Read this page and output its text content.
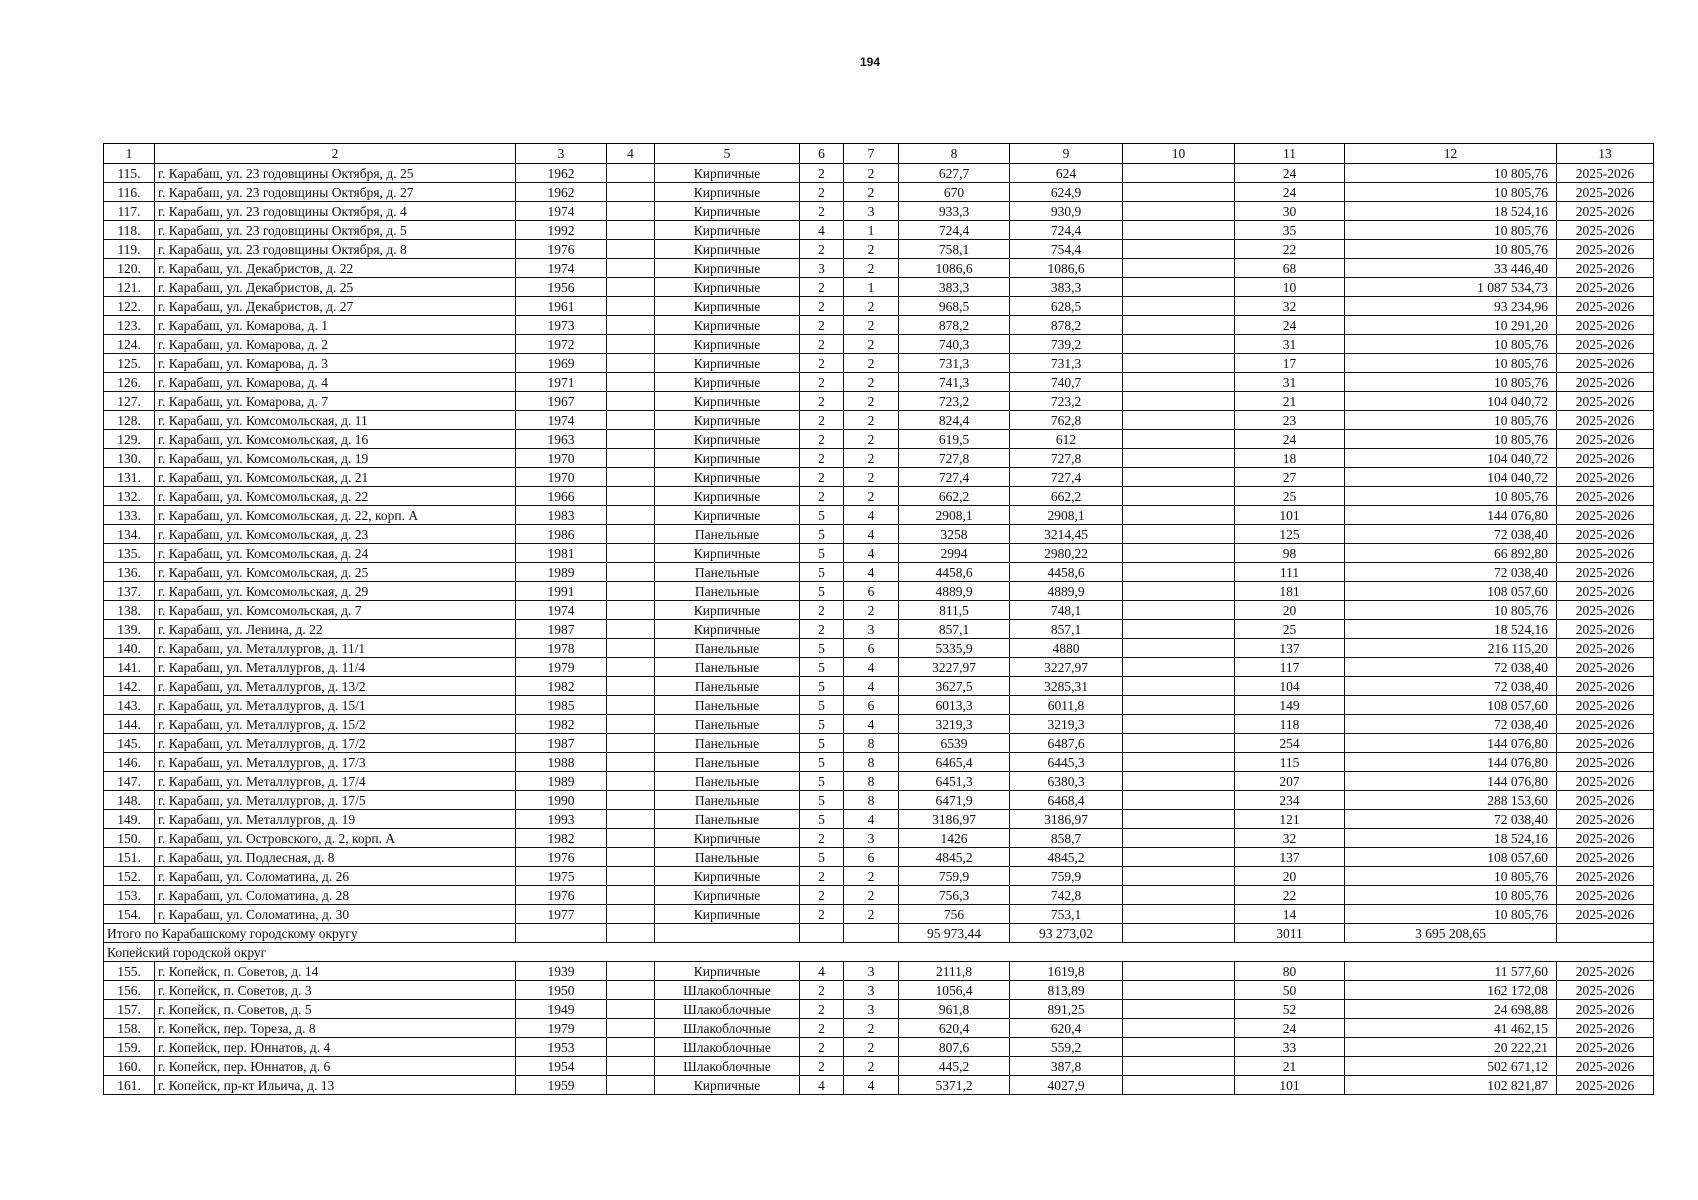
194
1	2	3	4	5	6	7	8	9	10	11	12	13
115.	г. Карабаш, ул. 23 годовщины Октября, д. 25	1962		Кирпичные	2	2	627,7	624		24	10 805,76	2025-2026
116.	г. Карабаш, ул. 23 годовщины Октября, д. 27	1962		Кирпичные	2	2	670	624,9		24	10 805,76	2025-2026
117.	г. Карабаш, ул. 23 годовщины Октября, д. 4	1974		Кирпичные	2	3	933,3	930,9		30	18 524,16	2025-2026
118.	г. Карабаш, ул. 23 годовщины Октября, д. 5	1992		Кирпичные	4	1	724,4	724,4		35	10 805,76	2025-2026
119.	г. Карабаш, ул. 23 годовщины Октября, д. 8	1976		Кирпичные	2	2	758,1	754,4		22	10 805,76	2025-2026
120.	г. Карабаш, ул. Декабристов, д. 22	1974		Кирпичные	3	2	1086,6	1086,6		68	33 446,40	2025-2026
121.	г. Карабаш, ул. Декабристов, д. 25	1956		Кирпичные	2	1	383,3	383,3		10	1 087 534,73	2025-2026
122.	г. Карабаш, ул. Декабристов, д. 27	1961		Кирпичные	2	2	968,5	628,5		32	93 234,96	2025-2026
123.	г. Карабаш, ул. Комарова, д. 1	1973		Кирпичные	2	2	878,2	878,2		24	10 291,20	2025-2026
124.	г. Карабаш, ул. Комарова, д. 2	1972		Кирпичные	2	2	740,3	739,2		31	10 805,76	2025-2026
125.	г. Карабаш, ул. Комарова, д. 3	1969		Кирпичные	2	2	731,3	731,3		17	10 805,76	2025-2026
126.	г. Карабаш, ул. Комарова, д. 4	1971		Кирпичные	2	2	741,3	740,7		31	10 805,76	2025-2026
127.	г. Карабаш, ул. Комарова, д. 7	1967		Кирпичные	2	2	723,2	723,2		21	104 040,72	2025-2026
128.	г. Карабаш, ул. Комсомольская, д. 11	1974		Кирпичные	2	2	824,4	762,8		23	10 805,76	2025-2026
129.	г. Карабаш, ул. Комсомольская, д. 16	1963		Кирпичные	2	2	619,5	612		24	10 805,76	2025-2026
130.	г. Карабаш, ул. Комсомольская, д. 19	1970		Кирпичные	2	2	727,8	727,8		18	104 040,72	2025-2026
131.	г. Карабаш, ул. Комсомольская, д. 21	1970		Кирпичные	2	2	727,4	727,4		27	104 040,72	2025-2026
132.	г. Карабаш, ул. Комсомольская, д. 22	1966		Кирпичные	2	2	662,2	662,2		25	10 805,76	2025-2026
133.	г. Карабаш, ул. Комсомольская, д. 22, корп. А	1983		Кирпичные	5	4	2908,1	2908,1		101	144 076,80	2025-2026
134.	г. Карабаш, ул. Комсомольская, д. 23	1986		Панельные	5	4	3258	3214,45		125	72 038,40	2025-2026
135.	г. Карабаш, ул. Комсомольская, д. 24	1981		Кирпичные	5	4	2994	2980,22		98	66 892,80	2025-2026
136.	г. Карабаш, ул. Комсомольская, д. 25	1989		Панельные	5	4	4458,6	4458,6		111	72 038,40	2025-2026
137.	г. Карабаш, ул. Комсомольская, д. 29	1991		Панельные	5	6	4889,9	4889,9		181	108 057,60	2025-2026
138.	г. Карабаш, ул. Комсомольская, д. 7	1974		Кирпичные	2	2	811,5	748,1		20	10 805,76	2025-2026
139.	г. Карабаш, ул. Ленина, д. 22	1987		Кирпичные	2	3	857,1	857,1		25	18 524,16	2025-2026
140.	г. Карабаш, ул. Металлургов, д. 11/1	1978		Панельные	5	6	5335,9	4880		137	216 115,20	2025-2026
141.	г. Карабаш, ул. Металлургов, д. 11/4	1979		Панельные	5	4	3227,97	3227,97		117	72 038,40	2025-2026
142.	г. Карабаш, ул. Металлургов, д. 13/2	1982		Панельные	5	4	3627,5	3285,31		104	72 038,40	2025-2026
143.	г. Карабаш, ул. Металлургов, д. 15/1	1985		Панельные	5	6	6013,3	6011,8		149	108 057,60	2025-2026
144.	г. Карабаш, ул. Металлургов, д. 15/2	1982		Панельные	5	4	3219,3	3219,3		118	72 038,40	2025-2026
145.	г. Карабаш, ул. Металлургов, д. 17/2	1987		Панельные	5	8	6539	6487,6		254	144 076,80	2025-2026
146.	г. Карабаш, ул. Металлургов, д. 17/3	1988		Панельные	5	8	6465,4	6445,3		115	144 076,80	2025-2026
147.	г. Карабаш, ул. Металлургов, д. 17/4	1989		Панельные	5	8	6451,3	6380,3		207	144 076,80	2025-2026
148.	г. Карабаш, ул. Металлургов, д. 17/5	1990		Панельные	5	8	6471,9	6468,4		234	288 153,60	2025-2026
149.	г. Карабаш, ул. Металлургов, д. 19	1993		Панельные	5	4	3186,97	3186,97		121	72 038,40	2025-2026
150.	г. Карабаш, ул. Островского, д. 2, корп. А	1982		Кирпичные	2	3	1426	858,7		32	18 524,16	2025-2026
151.	г. Карабаш, ул. Подлесная, д. 8	1976		Панельные	5	6	4845,2	4845,2		137	108 057,60	2025-2026
152.	г. Карабаш, ул. Соломатина, д. 26	1975		Кирпичные	2	2	759,9	759,9		20	10 805,76	2025-2026
153.	г. Карабаш, ул. Соломатина, д. 28	1976		Кирпичные	2	2	756,3	742,8		22	10 805,76	2025-2026
154.	г. Карабаш, ул. Соломатина, д. 30	1977		Кирпичные	2	2	756	753,1		14	10 805,76	2025-2026
Итого по Карабашскому городскому округу							95 973,44	93 273,02		3011	3 695 208,65	
Копейский городской округ												
155.	г. Копейск, п. Советов, д. 14	1939		Кирпичные	4	3	2111,8	1619,8		80	11 577,60	2025-2026
156.	г. Копейск, п. Советов, д. 3	1950		Шлакоблочные	2	3	1056,4	813,89		50	162 172,08	2025-2026
157.	г. Копейск, п. Советов, д. 5	1949		Шлакоблочные	2	3	961,8	891,25		52	24 698,88	2025-2026
158.	г. Копейск, пер. Тореза, д. 8	1979		Шлакоблочные	2	2	620,4	620,4		24	41 462,15	2025-2026
159.	г. Копейск, пер. Юннатов, д. 4	1953		Шлакоблочные	2	2	807,6	559,2		33	20 222,21	2025-2026
160.	г. Копейск, пер. Юннатов, д. 6	1954		Шлакоблочные	2	2	445,2	387,8		21	502 671,12	2025-2026
161.	г. Копейск, пр-кт Ильича, д. 13	1959		Кирпичные	4	4	5371,2	4027,9		101	102 821,87	2025-2026
